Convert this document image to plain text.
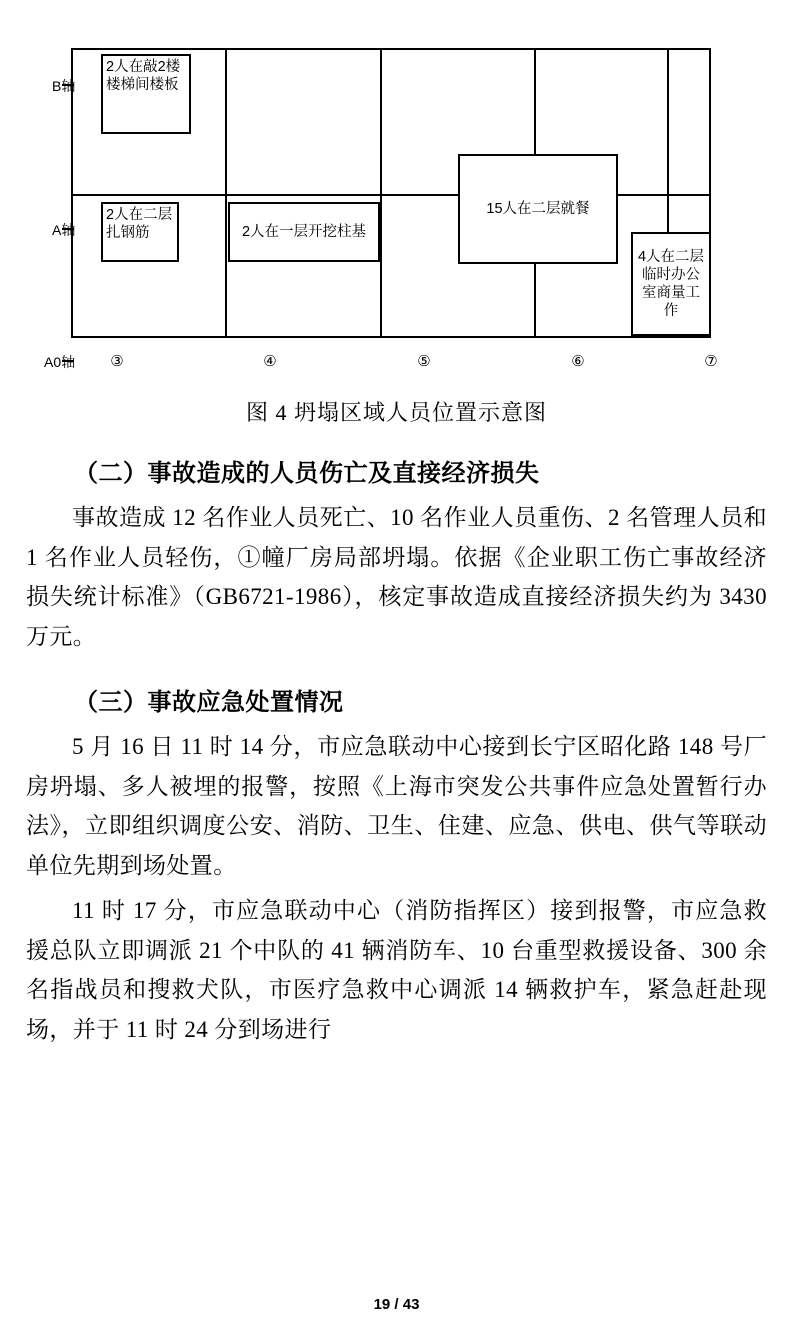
B轴
A轴
A0轴
2人在敲2楼楼梯间楼板
2人在二层扎钢筋	2人在一层开挖柱基
15人在二层就餐
4人在二层临时办公室商量工作
③	④	⑤	⑥	⑦
图 4 坍塌区域人员位置示意图
（二）事故造成的人员伤亡及直接经济损失

事故造成 12 名作业人员死亡、10 名作业人员重伤、2 名管理人员和 1 名作业人员轻伤，①幢厂房局部坍塌。依据《企业职工伤亡事故经济损失统计标准》（GB6721-1986），核定事故造成直接经济损失约为 3430 万元。

（三）事故应急处置情况

5 月 16 日 11 时 14 分，市应急联动中心接到长宁区昭化路 148 号厂房坍塌、多人被埋的报警，按照《上海市突发公共事件应急处置暂行办法》，立即组织调度公安、消防、卫生、住建、应急、供电、供气等联动单位先期到场处置。

11 时 17 分，市应急联动中心（消防指挥区）接到报警，市应急救援总队立即调派 21 个中队的 41 辆消防车、10 台重型救援设备、300 余名指战员和搜救犬队，市医疗急救中心调派 14 辆救护车，紧急赶赴现场，并于 11 时 24 分到场进行

19 / 43
